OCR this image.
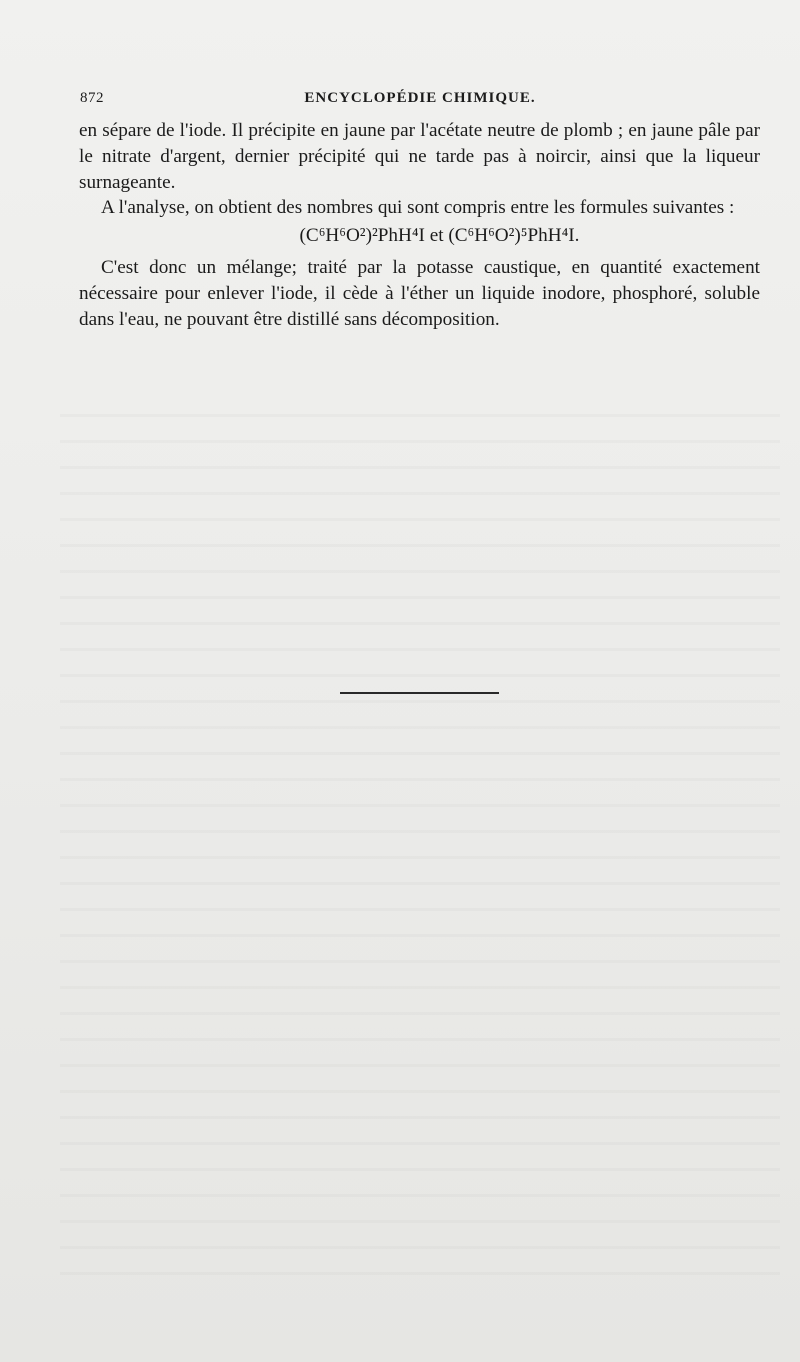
872	ENCYCLOPÉDIE CHIMIQUE.

en sépare de l'iode. Il précipite en jaune par l'acétate neutre de plomb ; en jaune pâle par le nitrate d'argent, dernier précipité qui ne tarde pas à noircir, ainsi que la liqueur surnageante.

A l'analyse, on obtient des nombres qui sont compris entre les formules suivantes :

(C⁶H⁶O²)²PhH⁴I et (C⁶H⁶O²)⁵PhH⁴I.

C'est donc un mélange; traité par la potasse caustique, en quantité exactement nécessaire pour enlever l'iode, il cède à l'éther un liquide inodore, phosphoré, soluble dans l'eau, ne pouvant être distillé sans décomposition.
